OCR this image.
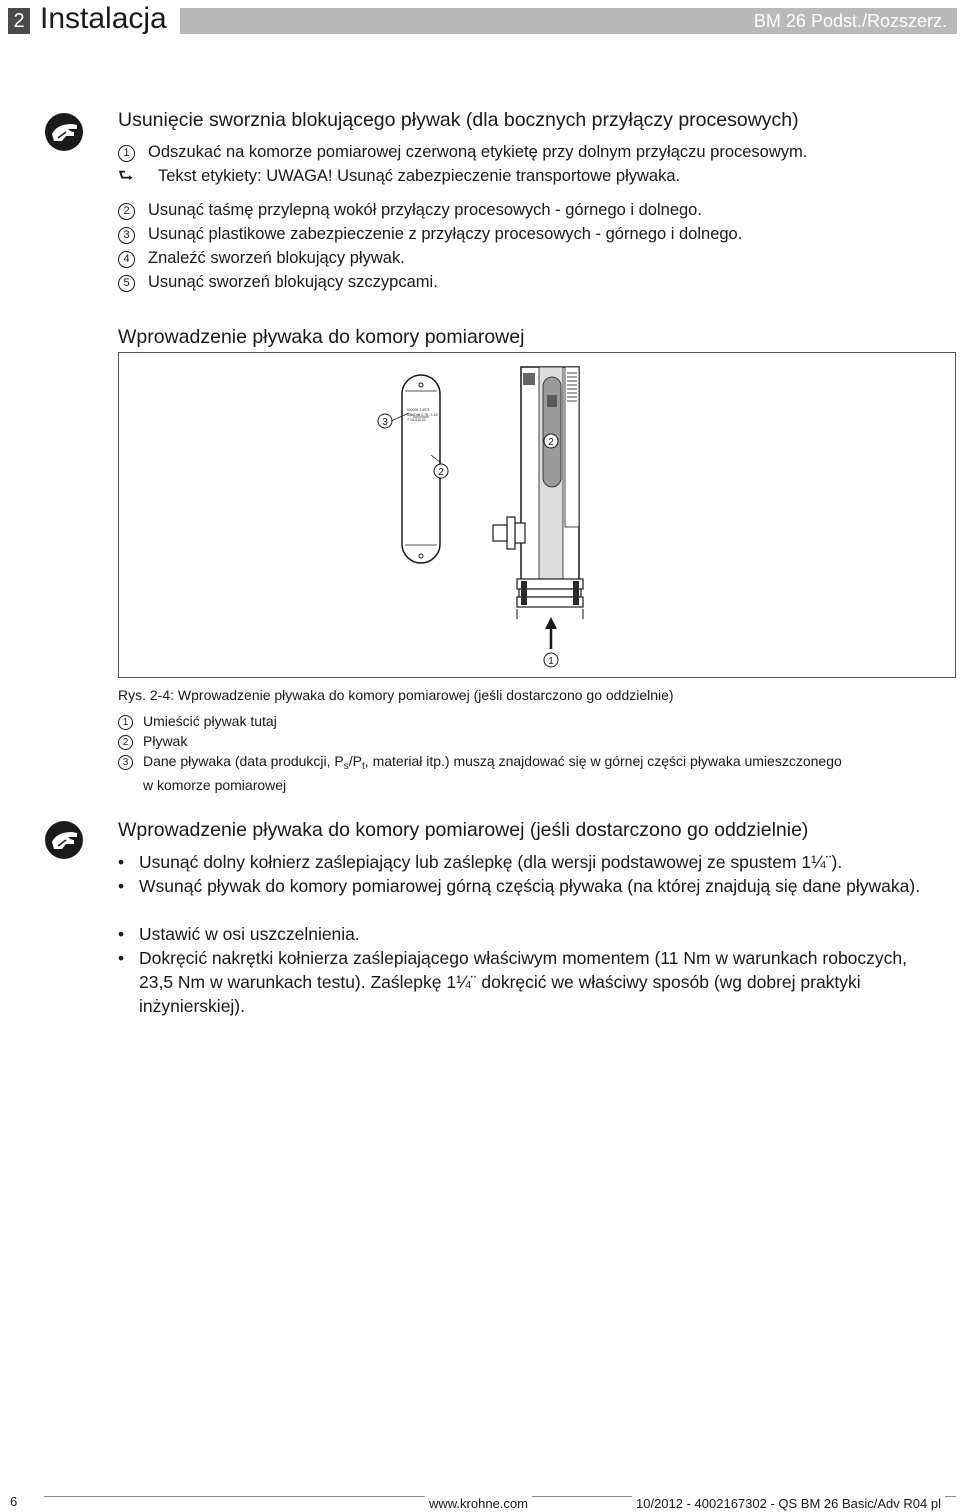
2 Instalacja	BM 26 Podst./Rozszerz.
Usunięcie sworznia blokującego pływak (dla bocznych przyłączy procesowych)
1 Odszukać na komorze pomiarowej czerwoną etykietę przy dolnym przyłączu procesowym.
⮑ Tekst etykiety: UWAGA! Usunąć zabezpieczenie transportowe pływaka.
2 Usunąć taśmę przylepną wokół przyłączy procesowych - górnego i dolnego.
3 Usunąć plastikowe zabezpieczenie z przyłączy procesowych - górnego i dolnego.
4 Znaleźć sworzeń blokujący pływak.
5 Usunąć sworzeń blokujący szczypcami.
Wprowadzenie pływaka do komory pomiarowej
000000 1.4571
Mfkt/Dfkt 0,78 - 1,18
T 1/1/110-02
3
2
2
1
Rys. 2-4: Wprowadzenie pływaka do komory pomiarowej (jeśli dostarczono go oddzielnie)
1 Umieścić pływak tutaj
2 Pływak
3 Dane pływaka (data produkcji, $P_s/P_t$, materiał itp.) muszą znajdować się w górnej części pływaka umieszczonego
w komorze pomiarowej
Wprowadzenie pływaka do komory pomiarowej (jeśli dostarczono go oddzielnie)
• Usunąć dolny kołnierz zaślepiający lub zaślepkę (dla wersji podstawowej ze spustem 1¼¨).
• Wsunąć pływak do komory pomiarowej górną częścią pływaka (na której znajdują się dane pływaka).
• Ustawić w osi uszczelnienia.
• Dokręcić nakrętki kołnierza zaślepiającego właściwym momentem (11 Nm w warunkach roboczych, 23,5 Nm w warunkach testu). Zaślepkę 1¼¨ dokręcić we właściwy sposób (wg dobrej praktyki inżynierskiej).
6	www.krohne.com	10/2012 - 4002167302 - QS BM 26 Basic/Adv R04 pl
